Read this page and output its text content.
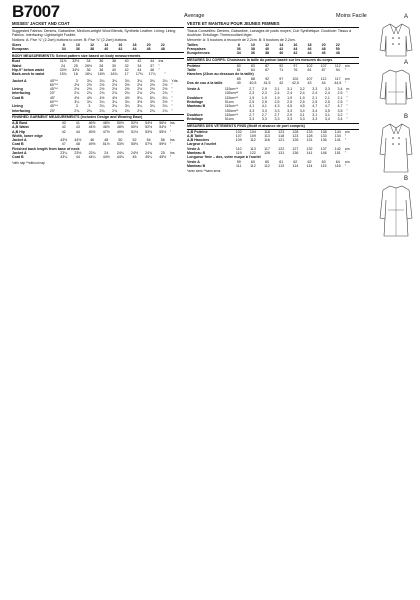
B7007	Average	Moins Facile
MISSES' JACKET AND COAT
Suggested Fabrics: Denims, Gabardine, Medium-weight Wool Blends, Synthetic Leather. Lining: Lining Fabrics. Interfacing: Lightweight Fusible.
Notions: A: Five ⅞" (2.2cm) buttons to cover. B: Five ⅞" (2.2cm) buttons.
Sizes	8	10	12	14	16	18	20	22	
European	34	36	38	40	42	44	46	48	
BODY MEASUREMENTS: Select pattern size based on body measurements
Bust	31½	32½	34	36	38	40	42	44	Ins	
Waist	24	25	26½	28	30	32	34	37	"	
Hip-9" below waist	33½	34½	36	38	40	42	44	46	"	
Back-neck to waist	15¾	16	16¼	16½	16¾	17	17⅛	17¼	"	
Jacket A	45"**	3	3¼	3¼	3¼	3¼	3¼	3¼	3¼	Yds.
	60"**	2½	2½	2½	2½	2½	2½	2½	2½	"
Lining	45"**	2½	2½	2½	2½	2½	2½	2½	2½	"
Interfacing	20"	2¾	2¾	2¾	2¾	2¾	2¾	2¾	2¾	"
Coat B	45"	4½	4½	4½	4½	4½	5¼	5¼	5¼	"
	60"**	3¼	3¼	3¼	3¼	3¼	3½	3½	3½	"
Lining	45"**	3	3	3¼	3¼	3¼	3¼	3¼	3¼	"
Interfacing	20"	2¾	2¾	2¾	2¾	2¾	2¾	2¾	2¾	"
FINISHED GARMENT MEASUREMENTS (Includes Design and Wearing Ease)
A,B Bust	40	41	46½	48½	50½	52½	54½	56½	Ins
A,B Waist	42	43	44½	46½	48½	50½	52½	54½	"
A,B Hip	42	44	45½	47½	49½	51½	53½	55½	"
Width, lower edge
Jacket A	43½	44½	46	48	50	52	54	56	Ins
Coat B	47	48	49½	51½	53½	55½	57½	59½	"
Finished back length from base of neck
Jacket A	23¼	23½	23¾	24	24¼	24½	24¾	25	Ins
Coat B	43¼	44	44¼	44½	44¾	45	45¼	45½	"
*with nap **without nap
VESTE ET MANTEAU POUR JEUNES FEMMES
Tissus Conseillés: Denims, Gabardine, Lainages de poids moyen, Cuir Synthétique. Doublure: Tissus à doublure. Entoilage: Thermocollant léger.
Mercerie: A: 5 boutons à recouvrir de 2,2cm. B: 5 boutons de 2,2cm.
Tailles	8	10	12	14	16	18	20	22	
Françaises	36	38	40	42	44	46	48	50	
Européennes	34	36	38	40	42	44	46	48	
MESURES DU CORPS: Choisissez la taille du patron basée sur les mesures du corps
Poitrine	80	83	87	92	97	102	107	112	cm
Taille	61	64	67	71	76	81	87	94	"
Hanches (23cm au dessous de la taille)									
	85	88	92	97	102	107	112	117	cm
Dos de cou à la taille	40	40,5	41,5	42	42,5	43	44	44,5	"
Veste A	115cm**	2,7	2,9	3,1	3,1	3,2	3,3	3,3	3,4	m
	150cm**	2,3	2,3	2,4	2,4	2,4	2,4	2,4	2,5	"
Doublure	115cm**	1,9	1,9	1,9	1,9	1,9	2,1	2,1	2,1	"
Entoilage	51cm	2,5	2,5	2,5	2,5	2,5	2,5	2,5	2,5	"
Manteau B	115cm**	4,1	4,1	4,3	4,5	4,5	4,7	4,7	4,7	"
	150cm**	3,3	3,3	3,3	3,3	3,4	3,4	3,5	3,5	"
Doublure	115cm**	2,7	2,7	2,7	2,9	3,1	3,1	3,1	3,2	"
Entoilage	51cm	3,3	3,3	3,3	3,3	3,3	3,3	3,4	3,4	"
MESURES DES VÊTEMENTS FINIS (Motif et aisance de port compris)
A,B Poitrine	102	104	118	123	128	133	138	144	cm
A,B Taille	107	109	113	118	123	128	133	134	"
A,B Hanches	109	112	116	121	126	131	136	141	"
Largeur à l'ourlet
Veste A	110	113	117	122	127	132	137	142	cm
Manteau B	119	122	126	131	136	141	146	151	"
Longueur finie – dos, votre nuque à l'ourlet
Veste A	59	60	60	61	62	62	63	64	cm
Manteau B	111	112	112	113	114	114	115	116	"
*avec sens **sans sens
A
A
B
B
